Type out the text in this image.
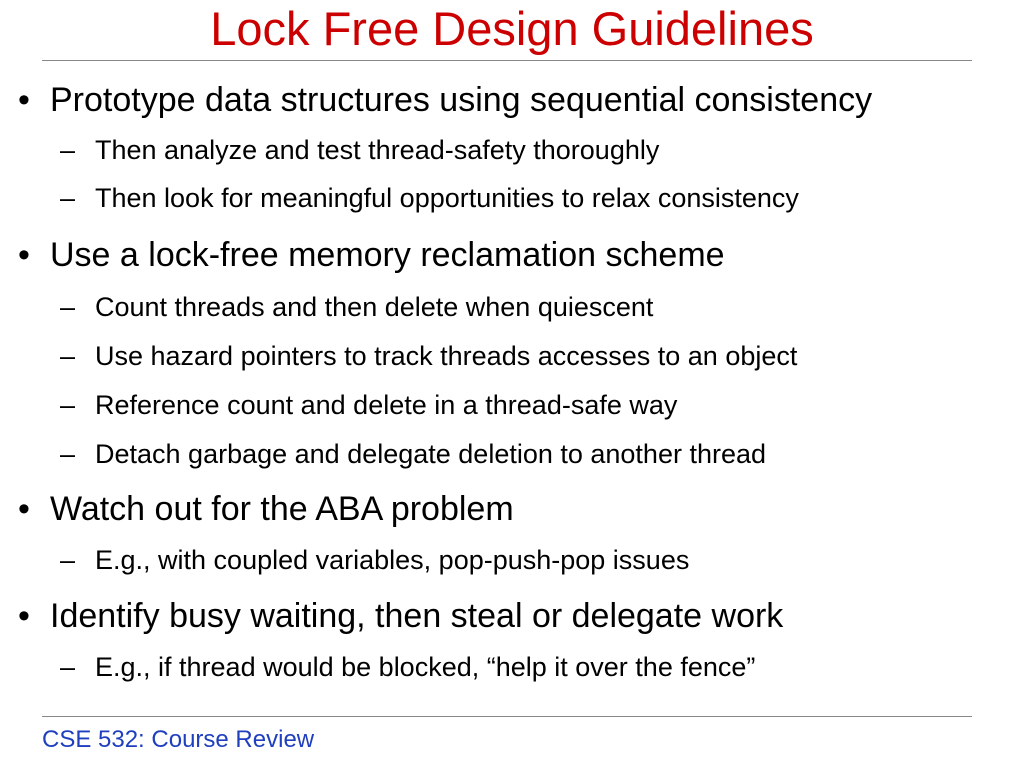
Lock Free Design Guidelines
• Prototype data structures using sequential consistency
– Then analyze and test thread-safety thoroughly
– Then look for meaningful opportunities to relax consistency
• Use a lock-free memory reclamation scheme
– Count threads and then delete when quiescent
– Use hazard pointers to track threads accesses to an object
– Reference count and delete in a thread-safe way
– Detach garbage and delegate deletion to another thread
• Watch out for the ABA problem
– E.g., with coupled variables, pop-push-pop issues
• Identify busy waiting, then steal or delegate work
– E.g., if thread would be blocked, “help it over the fence”
CSE 532: Course Review
